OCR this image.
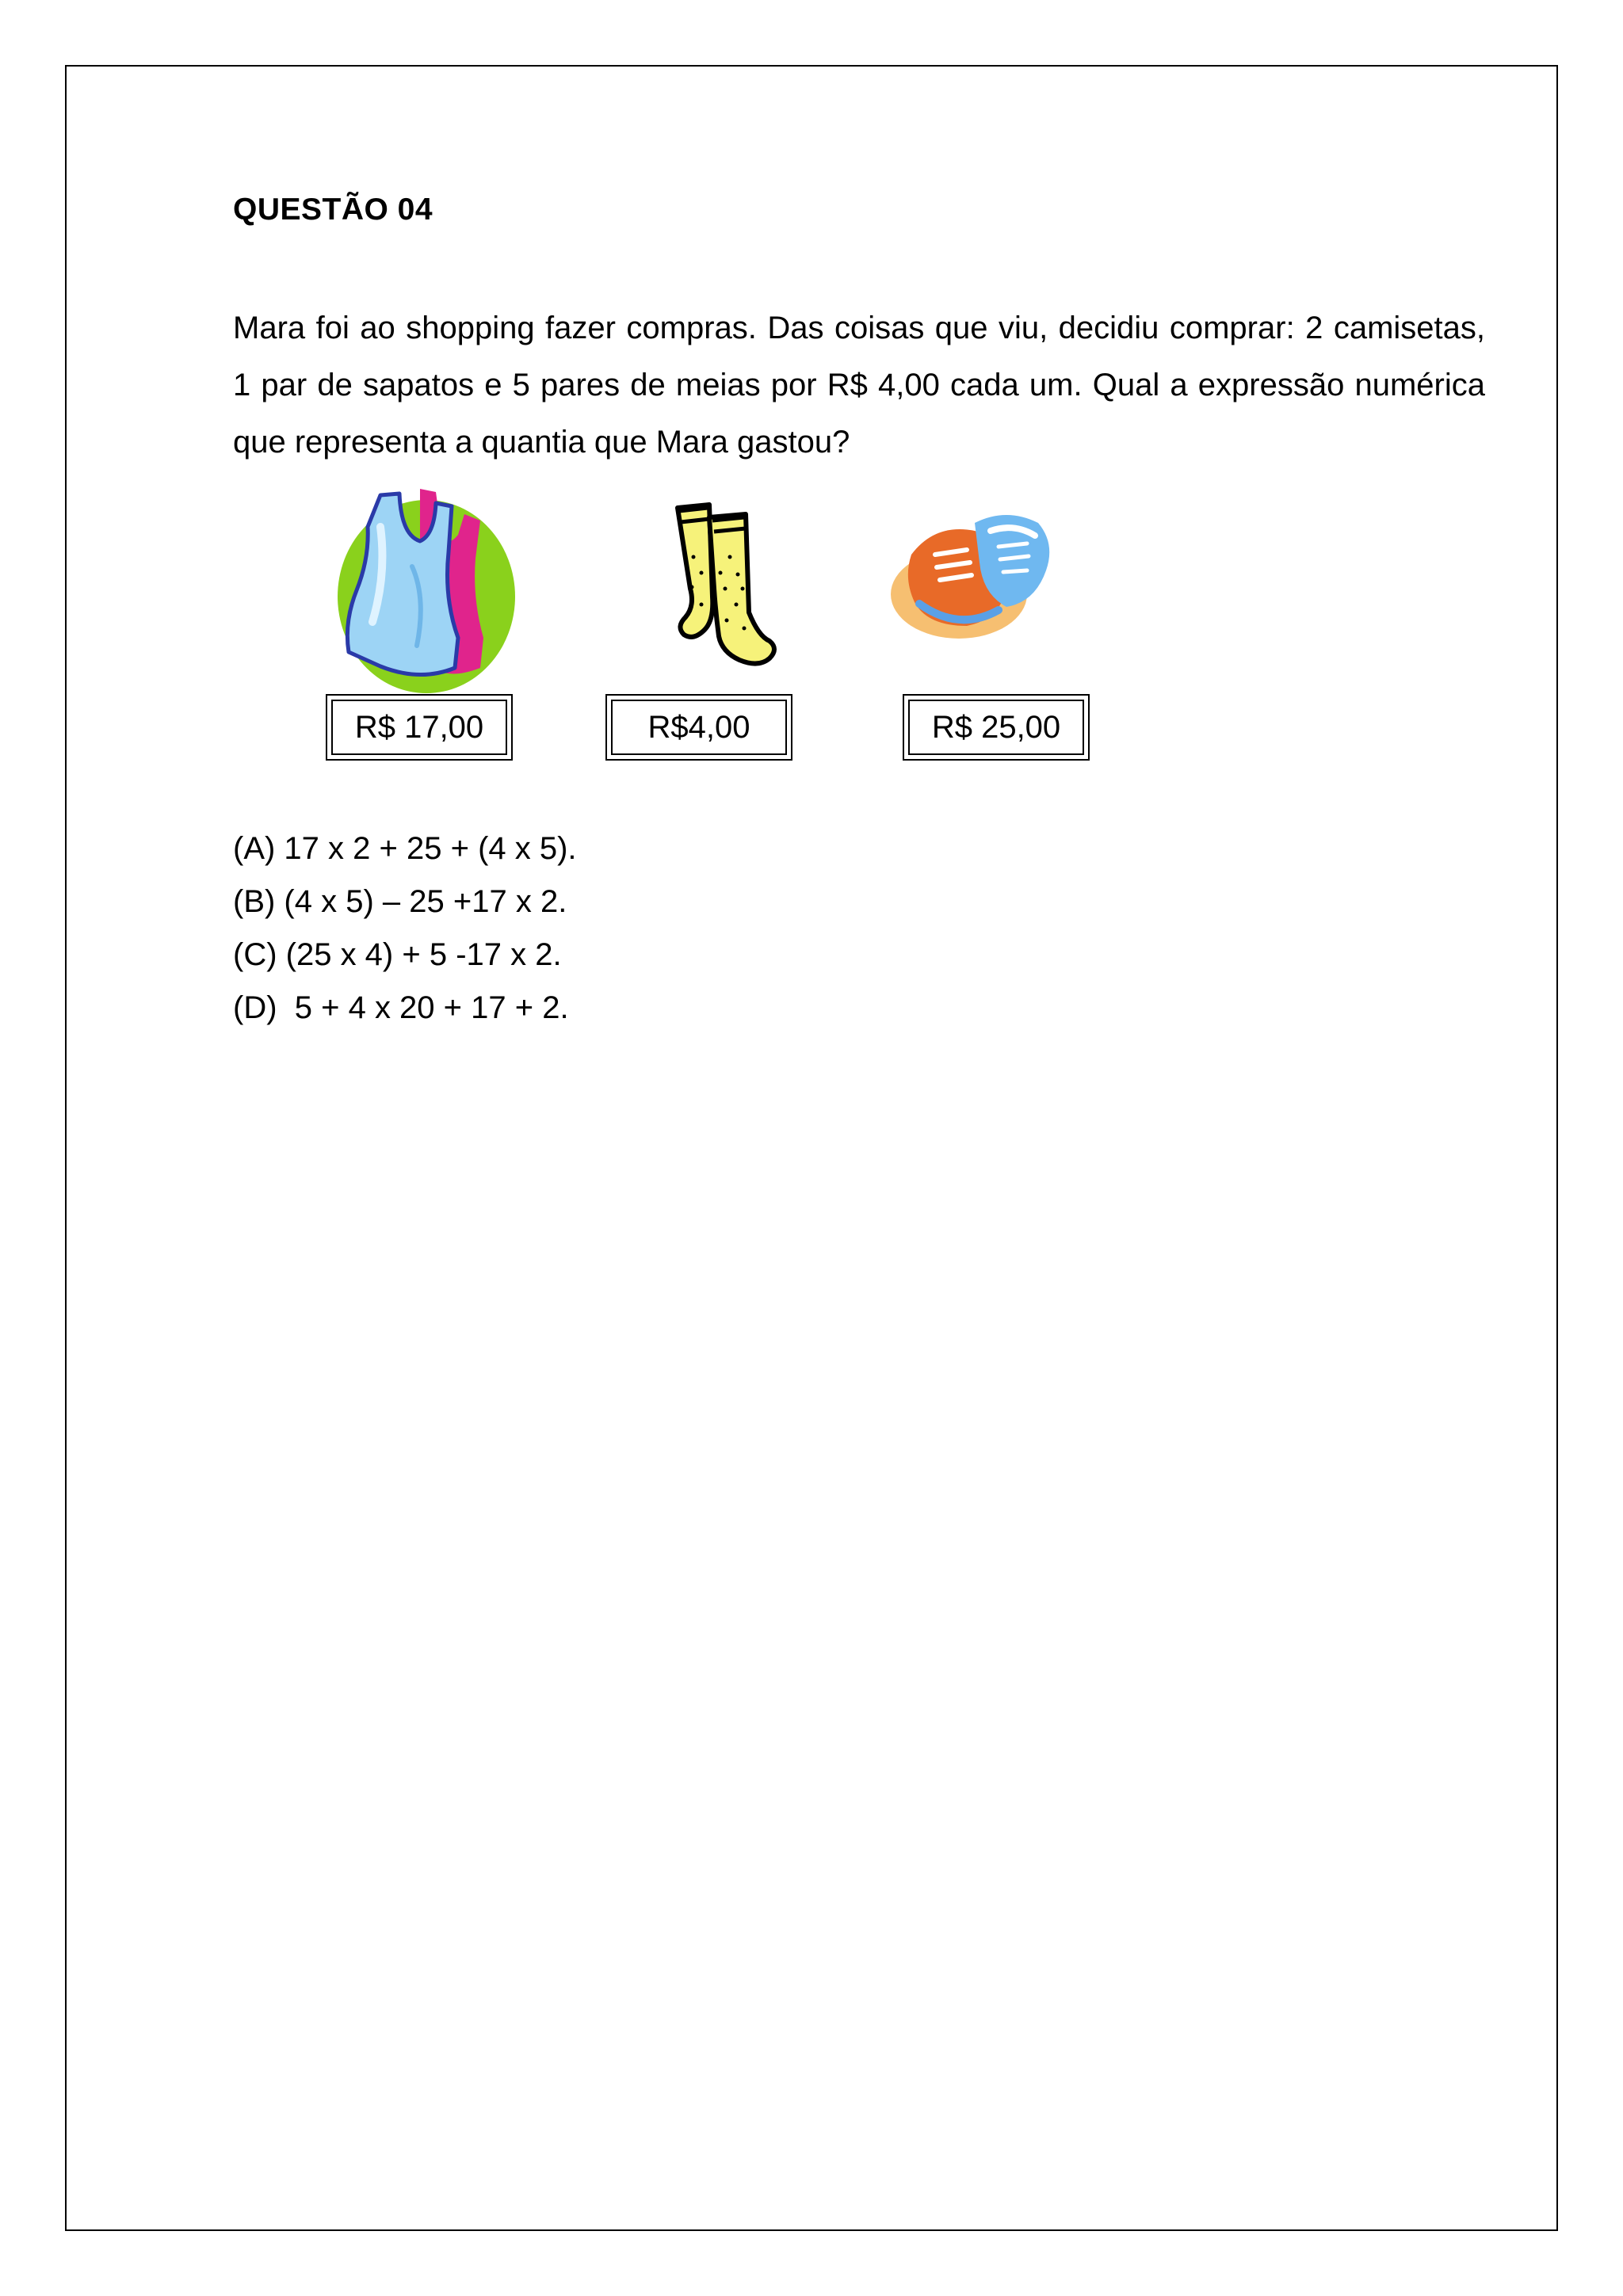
QUESTÃO 04
Mara foi ao shopping fazer compras. Das coisas que viu, decidiu comprar: 2 camisetas, 1 par de sapatos e 5 pares de meias por R$ 4,00 cada um. Qual a expressão numérica que representa a quantia que Mara gastou?
R$ 17,00	R$4,00	R$ 25,00
(A) 17 x 2 + 25 + (4 x 5).
(B) (4 x 5) – 25 +17 x 2.
(C) (25 x 4) + 5 -17 x 2.
(D)  5 + 4 x 20 + 17 + 2.
